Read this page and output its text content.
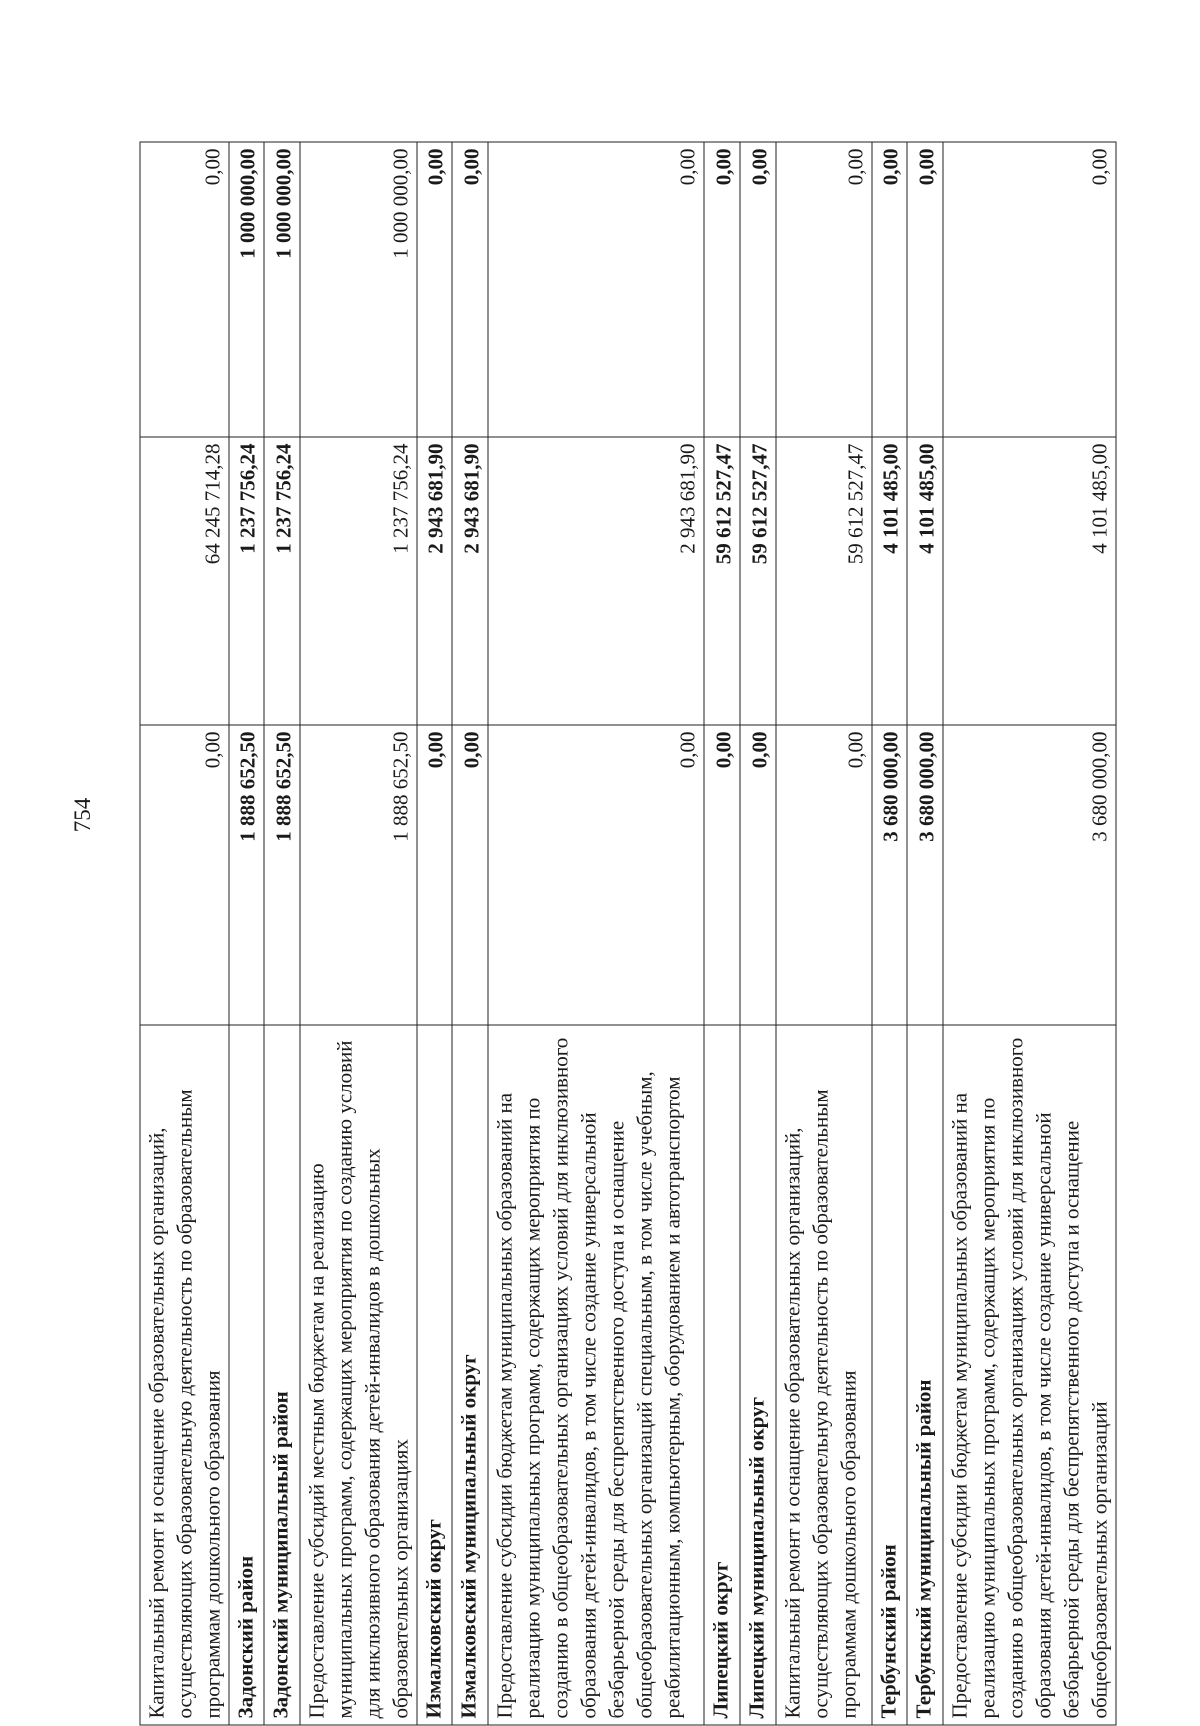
754
Капитальный ремонт и оснащение образовательных организаций, осуществляющих образовательную деятельность по образовательным программам дошкольного образования	0,00	64 245 714,28	0,00
Задонский район	1 888 652,50	1 237 756,24	1 000 000,00
Задонский муниципальный район	1 888 652,50	1 237 756,24	1 000 000,00
Предоставление субсидий местным бюджетам на реализацию муниципальных программ, содержащих мероприятия по созданию условий для инклюзивного образования детей-инвалидов в дошкольных образовательных организациях	1 888 652,50	1 237 756,24	1 000 000,00
Измалковский округ	0,00	2 943 681,90	0,00
Измалковский муниципальный округ	0,00	2 943 681,90	0,00
Предоставление субсидии бюджетам муниципальных образований на реализацию муниципальных программ, содержащих мероприятия по созданию в общеобразовательных организациях условий для инклюзивного образования детей-инвалидов, в том числе создание универсальной безбарьерной среды для беспрепятственного доступа и оснащение общеобразовательных организаций специальным, в том числе учебным, реабилитационным, компьютерным, оборудованием и автотранспортом	0,00	2 943 681,90	0,00
Липецкий округ	0,00	59 612 527,47	0,00
Липецкий муниципальный округ	0,00	59 612 527,47	0,00
Капитальный ремонт и оснащение образовательных организаций, осуществляющих образовательную деятельность по образовательным программам дошкольного образования	0,00	59 612 527,47	0,00
Тербунский район	3 680 000,00	4 101 485,00	0,00
Тербунский муниципальный район	3 680 000,00	4 101 485,00	0,00
Предоставление субсидии бюджетам муниципальных образований на реализацию муниципальных программ, содержащих мероприятия по созданию в общеобразовательных организациях условий для инклюзивного образования детей-инвалидов, в том числе создание универсальной безбарьерной среды для беспрепятственного доступа и оснащение общеобразовательных организаций	3 680 000,00	4 101 485,00	0,00
